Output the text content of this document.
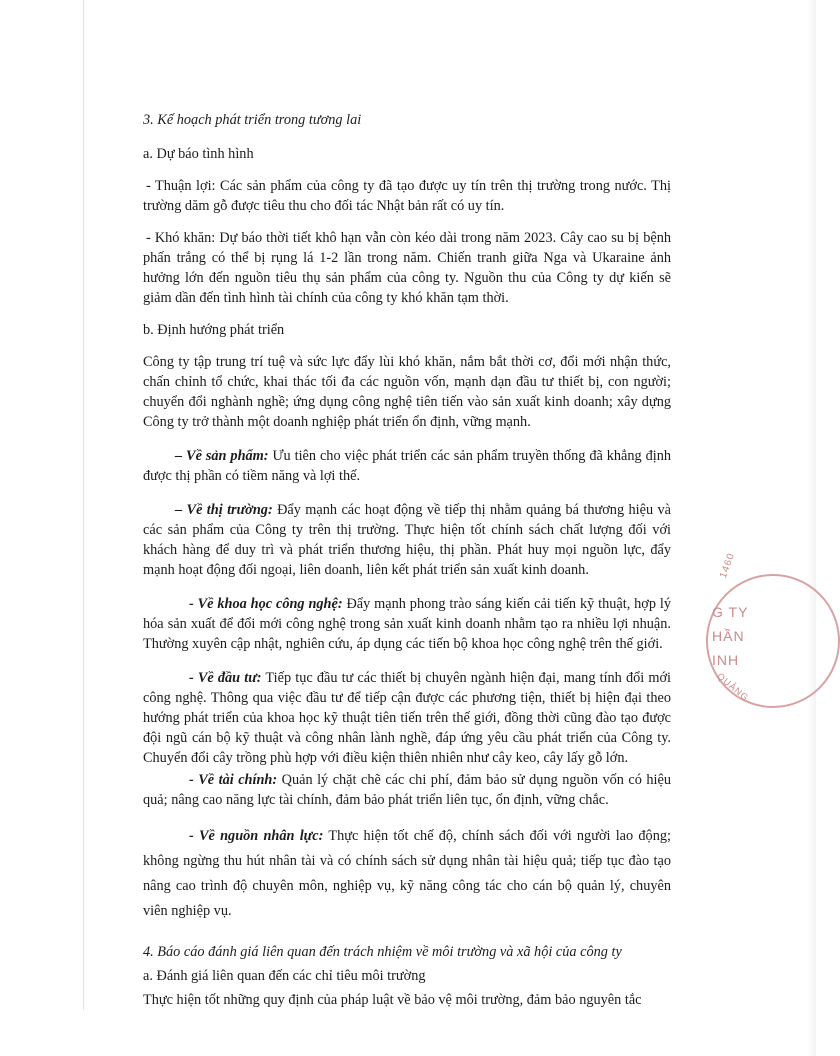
3. Kế hoạch phát triển trong tương lai

a. Dự báo tình hình

- Thuận lợi: Các sản phẩm của công ty đã tạo được uy tín trên thị trường trong nước. Thị trường dăm gỗ được tiêu thu cho đối tác Nhật bản rất có uy tín.

- Khó khăn: Dự báo thời tiết khô hạn vẫn còn kéo dài trong năm 2023. Cây cao su bị bệnh phấn trắng có thể bị rụng lá 1-2 lần trong năm. Chiến tranh giữa Nga và Ukaraine ảnh hưởng lớn đến nguồn tiêu thụ sản phẩm của công ty. Nguồn thu của Công ty dự kiến sẽ giảm dần đến tình hình tài chính của công ty khó khăn tạm thời.

b. Định hướng phát triển

Công ty tập trung trí tuệ và sức lực đẩy lùi khó khăn, nắm bắt thời cơ, đổi mới nhận thức, chấn chỉnh tổ chức, khai thác tối đa các nguồn vốn, mạnh dạn đầu tư thiết bị, con người; chuyển đổi nghành nghề; ứng dụng công nghệ tiên tiến vào sản xuất kinh doanh; xây dựng Công ty trở thành một doanh nghiệp phát triển ổn định, vững mạnh.

– Về sản phẩm: Ưu tiên cho việc phát triển các sản phẩm truyền thống đã khẳng định được thị phần có tiềm năng và lợi thế.

– Về thị trường: Đẩy mạnh các hoạt động về tiếp thị nhằm quảng bá thương hiệu và các sản phẩm của Công ty trên thị trường. Thực hiện tốt chính sách chất lượng đối với khách hàng để duy trì và phát triển thương hiệu, thị phần. Phát huy mọi nguồn lực, đẩy mạnh hoạt động đối ngoại, liên doanh, liên kết phát triển sản xuất kinh doanh.

- Về khoa học công nghệ: Đẩy mạnh phong trào sáng kiến cải tiến kỹ thuật, hợp lý hóa sản xuất để đổi mới công nghệ trong sản xuất kinh doanh nhằm tạo ra nhiều lợi nhuận. Thường xuyên cập nhật, nghiên cứu, áp dụng các tiến bộ khoa học công nghệ trên thế giới.

- Về đầu tư: Tiếp tục đầu tư các thiết bị chuyên ngành hiện đại, mang tính đổi mới công nghệ. Thông qua việc đầu tư để tiếp cận được các phương tiện, thiết bị hiện đại theo hướng phát triển của khoa học kỹ thuật tiên tiến trên thế giới, đồng thời cũng đào tạo được đội ngũ cán bộ kỹ thuật và công nhân lành nghề, đáp ứng yêu cầu phát triển của Công ty. Chuyển đổi cây trồng phù hợp với điều kiện thiên nhiên như cây keo, cây lấy gỗ lớn.

- Về tài chính: Quản lý chặt chẽ các chi phí, đảm bảo sử dụng nguồn vốn có hiệu quả; nâng cao năng lực tài chính, đảm bảo phát triển liên tục, ổn định, vững chắc.

- Về nguồn nhân lực: Thực hiện tốt chế độ, chính sách đối với người lao động; không ngừng thu hút nhân tài và có chính sách sử dụng nhân tài hiệu quả; tiếp tục đào tạo nâng cao trình độ chuyên môn, nghiệp vụ, kỹ năng công tác cho cán bộ quản lý, chuyên viên nghiệp vụ.

4. Báo cáo đánh giá liên quan đến trách nhiệm về môi trường và xã hội của công ty

a. Đánh giá liên quan đến các chỉ tiêu môi trường

Thực hiện tốt những quy định của pháp luật về bảo vệ môi trường, đảm bảo nguyên tắc

1460
G TY
HẦN
INH
QUẢNG
